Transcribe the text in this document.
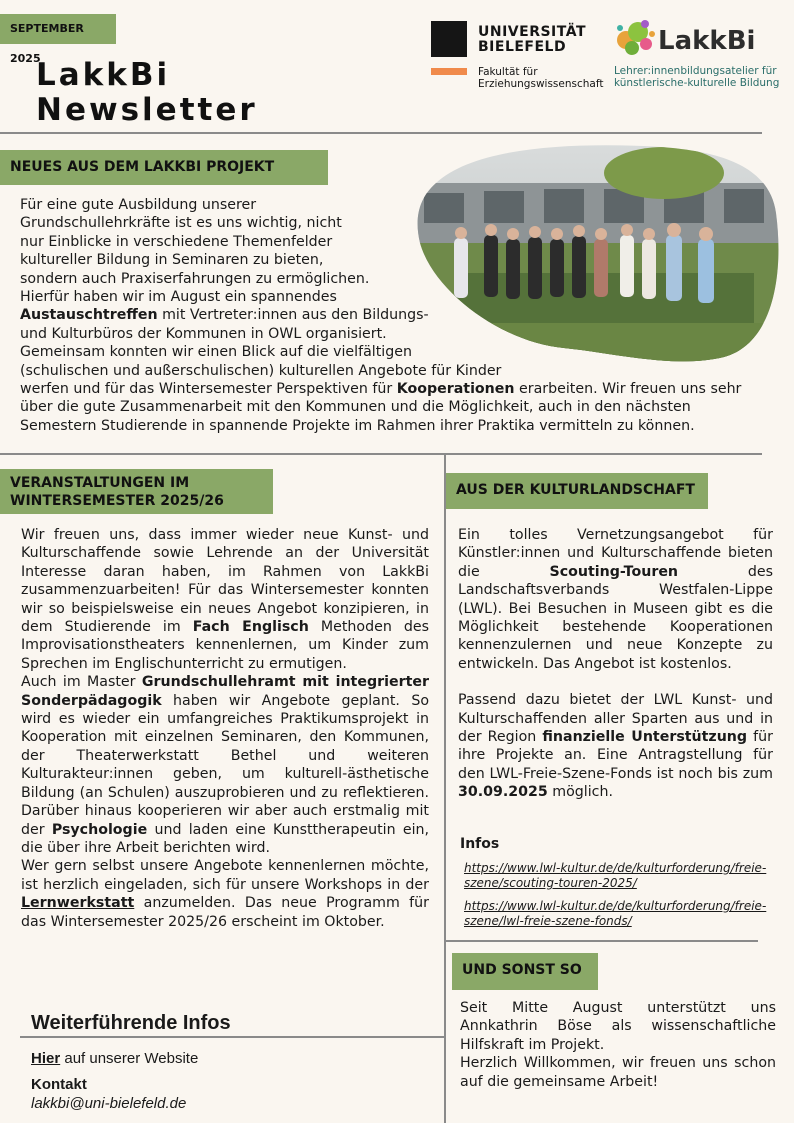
SEPTEMBER 2025
LakkBi
Newsletter
UNIVERSITÄT
BIELEFELD
Fakultät für
Erziehungswissenschaft
LakkBi
Lehrer:innenbildungsatelier für
künstlerische-kulturelle Bildung
NEUES AUS DEM LAKKBI PROJEKT

Für eine gute Ausbildung unserer
Grundschullehrkräfte ist es uns wichtig, nicht
nur Einblicke in verschiedene Themenfelder
kultureller Bildung in Seminaren zu bieten,
sondern auch Praxiserfahrungen zu ermöglichen.
Hierfür haben wir im August ein spannendes
Austauschtreffen mit Vertreter:innen aus den Bildungs-
und Kulturbüros der Kommunen in OWL organisiert.
Gemeinsam konnten wir einen Blick auf die vielfältigen
(schulischen und außerschulischen) kulturellen Angebote für Kinder
werfen und für das Wintersemester Perspektiven für Kooperationen erarbeiten. Wir freuen uns sehr
über die gute Zusammenarbeit mit den Kommunen und die Möglichkeit, auch in den nächsten
Semestern Studierende in spannende Projekte im Rahmen ihrer Praktika vermitteln zu können.

VERANSTALTUNGEN IM
WINTERSEMESTER 2025/26

Wir freuen uns, dass immer wieder neue Kunst- und Kulturschaffende sowie Lehrende an der Universität Interesse daran haben, im Rahmen von LakkBi zusammenzuarbeiten! Für das Wintersemester konnten wir so beispielsweise ein neues Angebot konzipieren, in dem Studierende im Fach Englisch Methoden des Improvisationstheaters kennenlernen, um Kinder zum Sprechen im Englischunterricht zu ermutigen.

Auch im Master Grundschullehramt mit integrierter Sonderpädagogik haben wir Angebote geplant. So wird es wieder ein umfangreiches Praktikumsprojekt in Kooperation mit einzelnen Seminaren, den Kommunen, der Theaterwerkstatt Bethel und weiteren Kulturakteur:innen geben, um kulturell-ästhetische Bildung (an Schulen) auszuprobieren und zu reflektieren. Darüber hinaus kooperieren wir aber auch erstmalig mit der Psychologie und laden eine Kunsttherapeutin ein, die über ihre Arbeit berichten wird.

Wer gern selbst unsere Angebote kennenlernen möchte, ist herzlich eingeladen, sich für unsere Workshops in der Lernwerkstatt anzumelden. Das neue Programm für das Wintersemester 2025/26 erscheint im Oktober.

Weiterführende Infos
Hier auf unserer Website
Kontakt
lakkbi@uni-bielefeld.de
AUS DER KULTURLANDSCHAFT

Ein tolles Vernetzungsangebot für Künstler:innen und Kulturschaffende bieten die Scouting-Touren des Landschaftsverbands Westfalen-Lippe (LWL). Bei Besuchen in Museen gibt es die Möglichkeit bestehende Kooperationen kennenzulernen und neue Konzepte zu entwickeln. Das Angebot ist kostenlos.

Passend dazu bietet der LWL Kunst- und Kulturschaffenden aller Sparten aus und in der Region finanzielle Unterstützung für ihre Projekte an. Eine Antragstellung für den LWL-Freie-Szene-Fonds ist noch bis zum 30.09.2025 möglich.

Infos
https://www.lwl-kultur.de/de/kulturforderung/freie-
szene/scouting-touren-2025/
https://www.lwl-kultur.de/de/kulturforderung/freie-
szene/lwl-freie-szene-fonds/
UND SONST SO

Seit Mitte August unterstützt uns Annkathrin Böse als wissenschaftliche Hilfskraft im Projekt.

Herzlich Willkommen, wir freuen uns schon auf die gemeinsame Arbeit!
